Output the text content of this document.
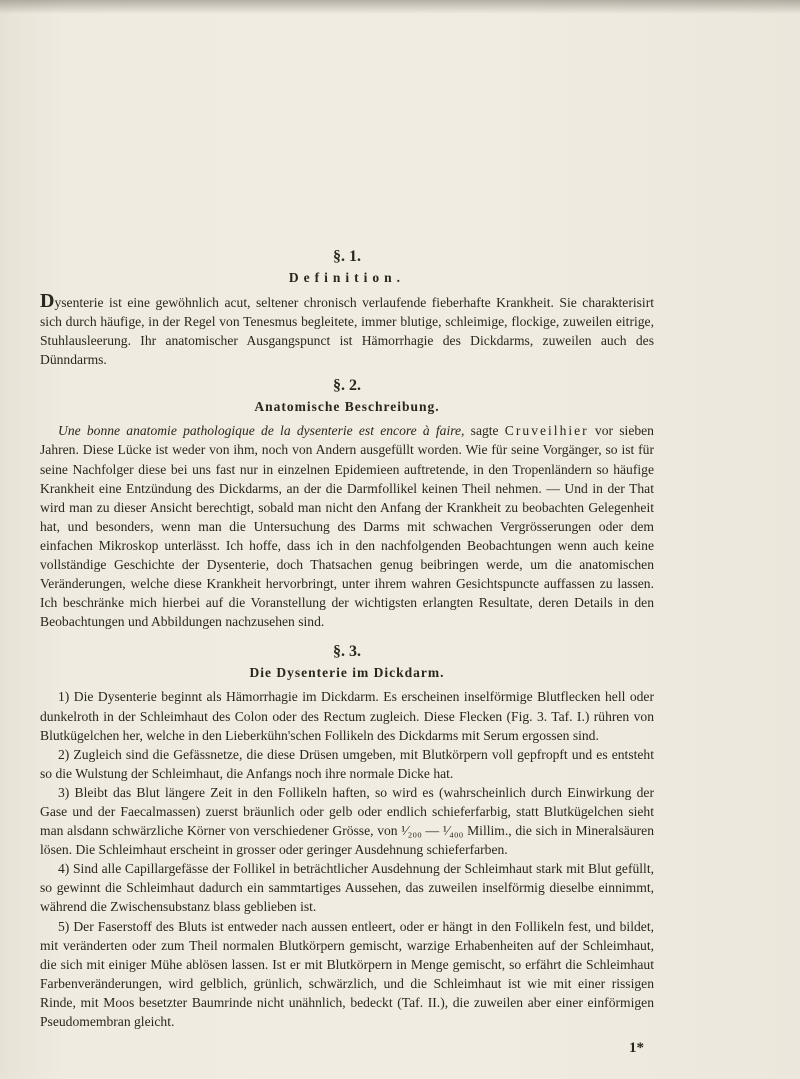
§. 1.

Definition.

Dysenterie ist eine gewöhnlich acut, seltener chronisch verlaufende fieberhafte Krankheit. Sie charakterisirt sich durch häufige, in der Regel von Tenesmus begleitete, immer blutige, schleimige, flockige, zuweilen eitrige, Stuhlausleerung. Ihr anatomischer Ausgangspunct ist Hämorrhagie des Dickdarms, zuweilen auch des Dünndarms.

§. 2.

Anatomische Beschreibung.

Une bonne anatomie pathologique de la dysenterie est encore à faire, sagte Cruveilhier vor sieben Jahren. Diese Lücke ist weder von ihm, noch von Andern ausgefüllt worden. Wie für seine Vorgänger, so ist für seine Nachfolger diese bei uns fast nur in einzelnen Epidemieen auftretende, in den Tropenländern so häufige Krankheit eine Entzündung des Dickdarms, an der die Darmfollikel keinen Theil nehmen. — Und in der That wird man zu dieser Ansicht berechtigt, sobald man nicht den Anfang der Krankheit zu beobachten Gelegenheit hat, und besonders, wenn man die Untersuchung des Darms mit schwachen Vergrösserungen oder dem einfachen Mikroskop unterlässt. Ich hoffe, dass ich in den nachfolgenden Beobachtungen wenn auch keine vollständige Geschichte der Dysenterie, doch Thatsachen genug beibringen werde, um die anatomischen Veränderungen, welche diese Krankheit hervorbringt, unter ihrem wahren Gesichtspuncte auffassen zu lassen. Ich beschränke mich hierbei auf die Voranstellung der wichtigsten erlangten Resultate, deren Details in den Beobachtungen und Abbildungen nachzusehen sind.

§. 3.

Die Dysenterie im Dickdarm.

1) Die Dysenterie beginnt als Hämorrhagie im Dickdarm. Es erscheinen inselförmige Blutflecken hell oder dunkelroth in der Schleimhaut des Colon oder des Rectum zugleich. Diese Flecken (Fig. 3. Taf. I.) rühren von Blutkügelchen her, welche in den Lieberkühn'schen Follikeln des Dickdarms mit Serum ergossen sind.

2) Zugleich sind die Gefässnetze, die diese Drüsen umgeben, mit Blutkörpern voll gepfropft und es entsteht so die Wulstung der Schleimhaut, die Anfangs noch ihre normale Dicke hat.

3) Bleibt das Blut längere Zeit in den Follikeln haften, so wird es (wahrscheinlich durch Einwirkung der Gase und der Faecalmassen) zuerst bräunlich oder gelb oder endlich schieferfarbig, statt Blutkügelchen sieht man alsdann schwärzliche Körner von verschiedener Grösse, von ¹⁄₂₀₀ — ¹⁄₄₀₀ Millim., die sich in Mineralsäuren lösen. Die Schleimhaut erscheint in grosser oder geringer Ausdehnung schieferfarben.

4) Sind alle Capillargefässe der Follikel in beträchtlicher Ausdehnung der Schleimhaut stark mit Blut gefüllt, so gewinnt die Schleimhaut dadurch ein sammtartiges Aussehen, das zuweilen inselförmig dieselbe einnimmt, während die Zwischensubstanz blass geblieben ist.

5) Der Faserstoff des Bluts ist entweder nach aussen entleert, oder er hängt in den Follikeln fest, und bildet, mit veränderten oder zum Theil normalen Blutkörpern gemischt, warzige Erhabenheiten auf der Schleimhaut, die sich mit einiger Mühe ablösen lassen. Ist er mit Blutkörpern in Menge gemischt, so erfährt die Schleimhaut Farbenveränderungen, wird gelblich, grünlich, schwärzlich, und die Schleimhaut ist wie mit einer rissigen Rinde, mit Moos besetzter Baumrinde nicht unähnlich, bedeckt (Taf. II.), die zuweilen aber einer einförmigen Pseudomembran gleicht.

1*
